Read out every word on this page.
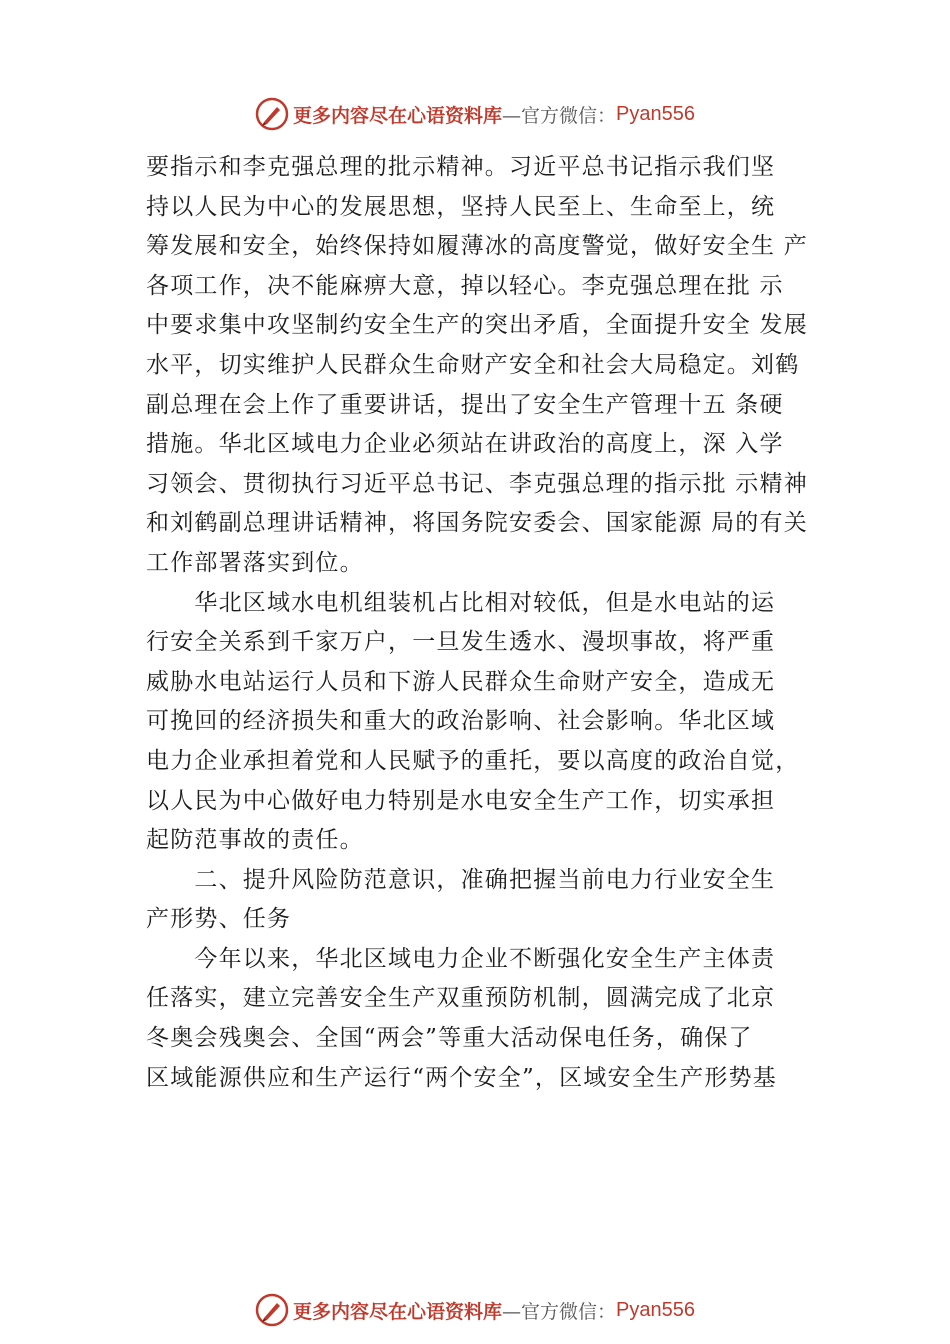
更多内容尽在心语资料库 —官方微信： Pyan556
要指示和李克强总理的批示精神。习近平总书记指示我们坚
持以人民为中心的发展思想，坚持人民至上、生命至上，统
筹发展和安全，始终保持如履薄冰的高度警觉，做好安全生 产
各项工作，决不能麻痹大意，掉以轻心。李克强总理在批 示
中要求集中攻坚制约安全生产的突出矛盾，全面提升安全 发展
水平，切实维护人民群众生命财产安全和社会大局稳定。刘鹤
副总理在会上作了重要讲话，提出了安全生产管理十五 条硬
措施。华北区域电力企业必须站在讲政治的高度上，深 入学
习领会、贯彻执行习近平总书记、李克强总理的指示批 示精神
和刘鹤副总理讲话精神，将国务院安委会、国家能源 局的有关
工作部署落实到位。
　　华北区域水电机组装机占比相对较低，但是水电站的运
行安全关系到千家万户，一旦发生透水、漫坝事故，将严重
威胁水电站运行人员和下游人民群众生命财产安全，造成无
可挽回的经济损失和重大的政治影响、社会影响。华北区域
电力企业承担着党和人民赋予的重托，要以高度的政治自觉，
以人民为中心做好电力特别是水电安全生产工作，切实承担
起防范事故的责任。
　　二、提升风险防范意识，准确把握当前电力行业安全生
产形势、任务
　　今年以来，华北区域电力企业不断强化安全生产主体责
任落实，建立完善安全生产双重预防机制，圆满完成了北京
冬奥会残奥会、全国“两会”等重大活动保电任务，确保了
区域能源供应和生产运行“两个安全”，区域安全生产形势基
更多内容尽在心语资料库 —官方微信： Pyan556
